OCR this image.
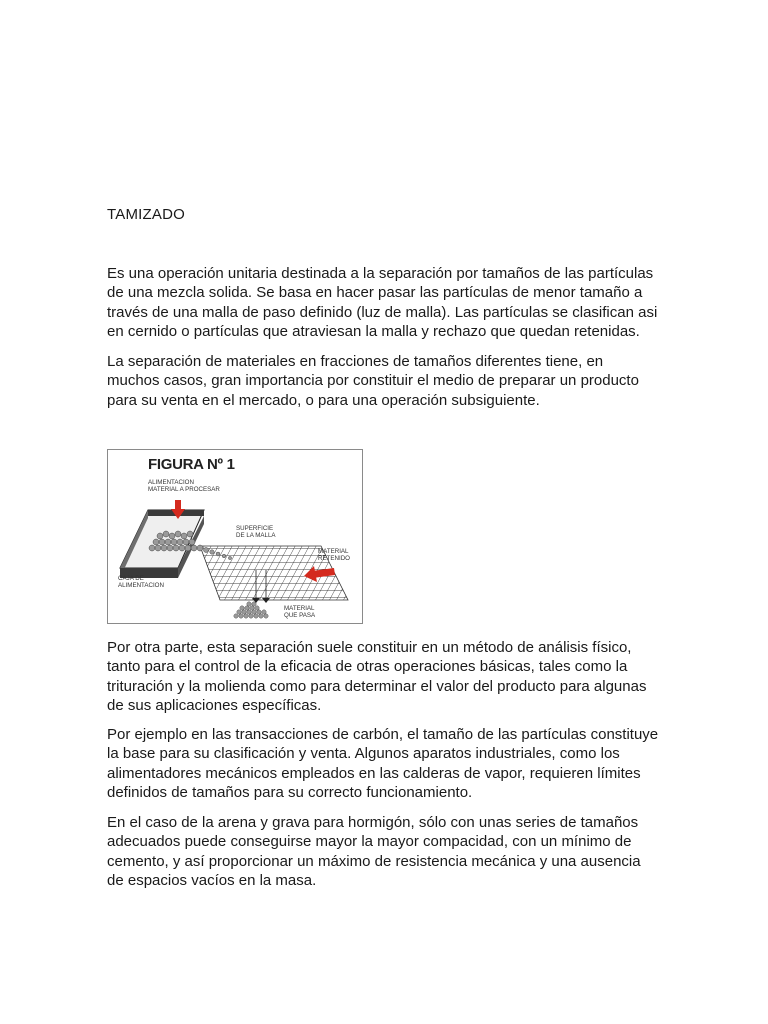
TAMIZADO

Es una operación unitaria destinada a la separación por tamaños de las partículas
de una mezcla solida. Se basa en hacer pasar las partículas de menor tamaño a
través de una malla de paso definido (luz de malla). Las partículas se clasifican asi
en cernido o partículas que atraviesan la malla y rechazo que quedan retenidas.

La separación de materiales en fracciones de tamaños diferentes tiene, en
muchos casos, gran importancia por constituir el medio de preparar un producto
para su venta en el mercado, o para una operación subsiguiente.

FIGURA Nº 1
ALIMENTACION
MATERIAL A PROCESAR
SUPERFICIE
DE LA MALLA
MATERIAL
RETENIDO
CAJA DE
ALIMENTACION
MATERIAL
QUE PASA

Por otra parte, esta separación suele constituir en un método de análisis físico,
tanto para el control de la eficacia de otras operaciones básicas, tales como la
trituración y la molienda como para determinar el valor del producto para algunas
de sus aplicaciones específicas.

Por ejemplo en las transacciones de carbón, el tamaño de las partículas constituye
la base para su clasificación y venta. Algunos aparatos industriales, como los
alimentadores mecánicos empleados en las calderas de vapor, requieren límites
definidos de tamaños para su correcto funcionamiento.

En el caso de la arena y grava para hormigón, sólo con unas series de tamaños
adecuados puede conseguirse mayor la mayor compacidad, con un mínimo de
cemento, y así proporcionar un máximo de resistencia mecánica y una ausencia
de espacios vacíos en la masa.
